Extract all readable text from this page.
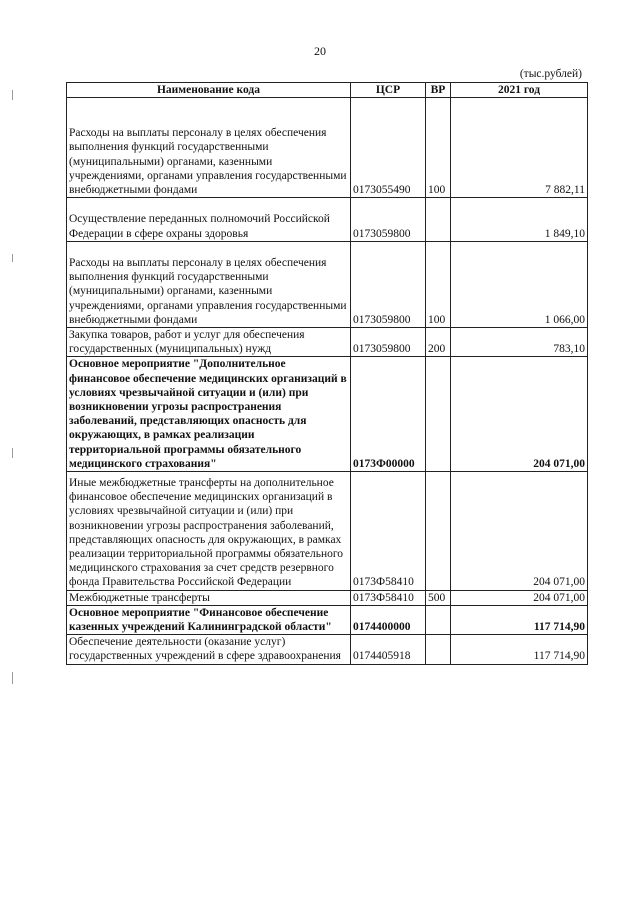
20
(тыс.рублей)
Наименование кода	ЦСР	ВР	2021 год

Расходы на выплаты персоналу в целях обеспечения выполнения функций государственными (муниципальными) органами, казенными учреждениями, органами управления государственными внебюджетными фондами	0173055490	100	7 882,11

Осуществление переданных полномочий Российской Федерации в сфере охраны здоровья	0173059800		1 849,10

Расходы на выплаты персоналу в целях обеспечения выполнения функций государственными (муниципальными) органами, казенными учреждениями, органами управления государственными внебюджетными фондами	0173059800	100	1 066,00
Закупка товаров, работ и услуг для обеспечения государственных (муниципальных) нужд	0173059800	200	783,10
Основное мероприятие "Дополнительное финансовое обеспечение медицинских организаций в условиях чрезвычайной ситуации и (или) при возникновении угрозы распространения заболеваний, представляющих опасность для окружающих, в рамках реализации территориальной программы обязательного медицинского страхования"	0173Ф00000		204 071,00

Иные межбюджетные трансферты на дополнительное финансовое обеспечение медицинских организаций в условиях чрезвычайной ситуации и (или) при возникновении угрозы распространения заболеваний, представляющих опасность для окружающих, в рамках реализации территориальной программы обязательного медицинского страхования за счет средств резервного фонда Правительства Российской Федерации	0173Ф58410		204 071,00
Межбюджетные трансферты	0173Ф58410	500	204 071,00
Основное мероприятие "Финансовое обеспечение казенных учреждений Калининградской области"	0174400000		117 714,90
Обеспечение деятельности (оказание услуг) государственных учреждений в сфере здравоохранения	0174405918		117 714,90
